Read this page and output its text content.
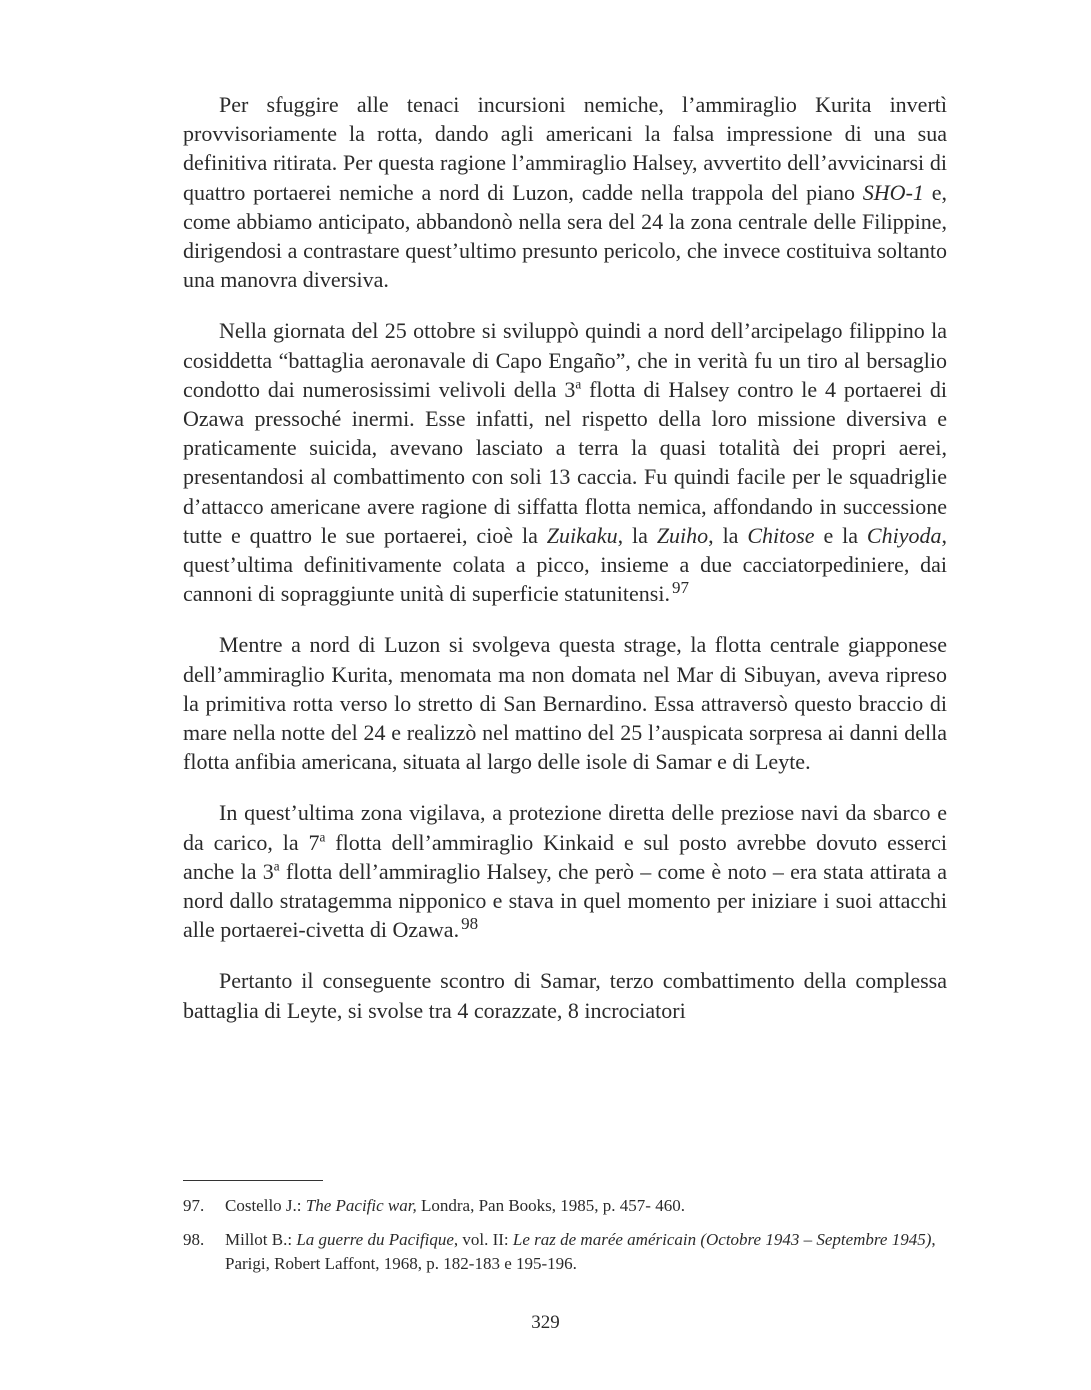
Per sfuggire alle tenaci incursioni nemiche, l’ammiraglio Kurita invertì provvisoriamente la rotta, dando agli americani la falsa impressione di una sua definitiva ritirata. Per questa ragione l’ammiraglio Halsey, avvertito dell’avvicinarsi di quattro portaerei nemiche a nord di Luzon, cadde nella trappola del piano SHO-1 e, come abbiamo anticipato, abbandonò nella sera del 24 la zona centrale delle Filippine, dirigendosi a contrastare quest’ultimo presunto pericolo, che invece costituiva soltanto una manovra diversiva.

Nella giornata del 25 ottobre si sviluppò quindi a nord dell’arcipelago filippino la cosiddetta “battaglia aeronavale di Capo Engaño”, che in verità fu un tiro al bersaglio condotto dai numerosissimi velivoli della 3$^a$ flotta di Halsey contro le 4 portaerei di Ozawa pressoché inermi. Esse infatti, nel rispetto della loro missione diversiva e praticamente suicida, avevano lasciato a terra la quasi totalità dei propri aerei, presentandosi al combattimento con soli 13 caccia. Fu quindi facile per le squadriglie d’attacco americane avere ragione di siffatta flotta nemica, affondando in successione tutte e quattro le sue portaerei, cioè la Zuikaku, la Zuiho, la Chitose e la Chiyoda, quest’ultima definitivamente colata a picco, insieme a due cacciatorpediniere, dai cannoni di sopraggiunte unità di superficie statunitensi. $^{97}$

Mentre a nord di Luzon si svolgeva questa strage, la flotta centrale giapponese dell’ammiraglio Kurita, menomata ma non domata nel Mar di Sibuyan, aveva ripreso la primitiva rotta verso lo stretto di San Bernardino. Essa attraversò questo braccio di mare nella notte del 24 e realizzò nel mattino del 25 l’auspicata sorpresa ai danni della flotta anfibia americana, situata al largo delle isole di Samar e di Leyte.

In quest’ultima zona vigilava, a protezione diretta delle preziose navi da sbarco e da carico, la 7$^a$ flotta dell’ammiraglio Kinkaid e sul posto avrebbe dovuto esserci anche la 3$^a$ flotta dell’ammiraglio Halsey, che però – come è noto – era stata attirata a nord dallo stratagemma nipponico e stava in quel momento per iniziare i suoi attacchi alle portaerei-civetta di Ozawa. $^{98}$

Pertanto il conseguente scontro di Samar, terzo combattimento della complessa battaglia di Leyte, si svolse tra 4 corazzate, 8 incrociatori

97. Costello J.: The Pacific war, Londra, Pan Books, 1985, p. 457- 460.
98. Millot B.: La guerre du Pacifique, vol. II: Le raz de marée américain (Octobre 1943 – Septembre 1945), Parigi, Robert Laffont, 1968, p. 182-183 e 195-196.
329
